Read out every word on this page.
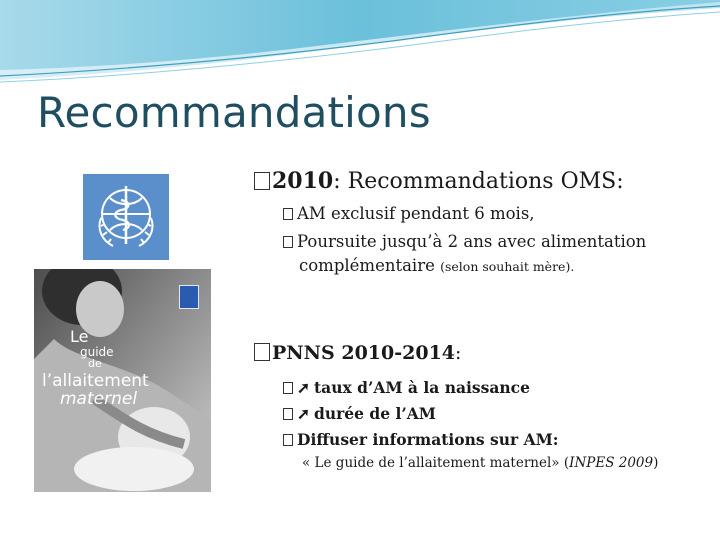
Recommandations
Le
guide
de
l’allaitement
maternel
2010: Recommandations OMS:
AM exclusif pendant 6 mois,
Poursuite jusqu’à 2 ans avec alimentation
complémentaire (selon souhait mère).
PNNS 2010-2014:
➚ taux d’AM à la naissance
➚ durée de l’AM
Diffuser informations sur AM:
« Le guide de l’allaitement maternel» (INPES 2009)
